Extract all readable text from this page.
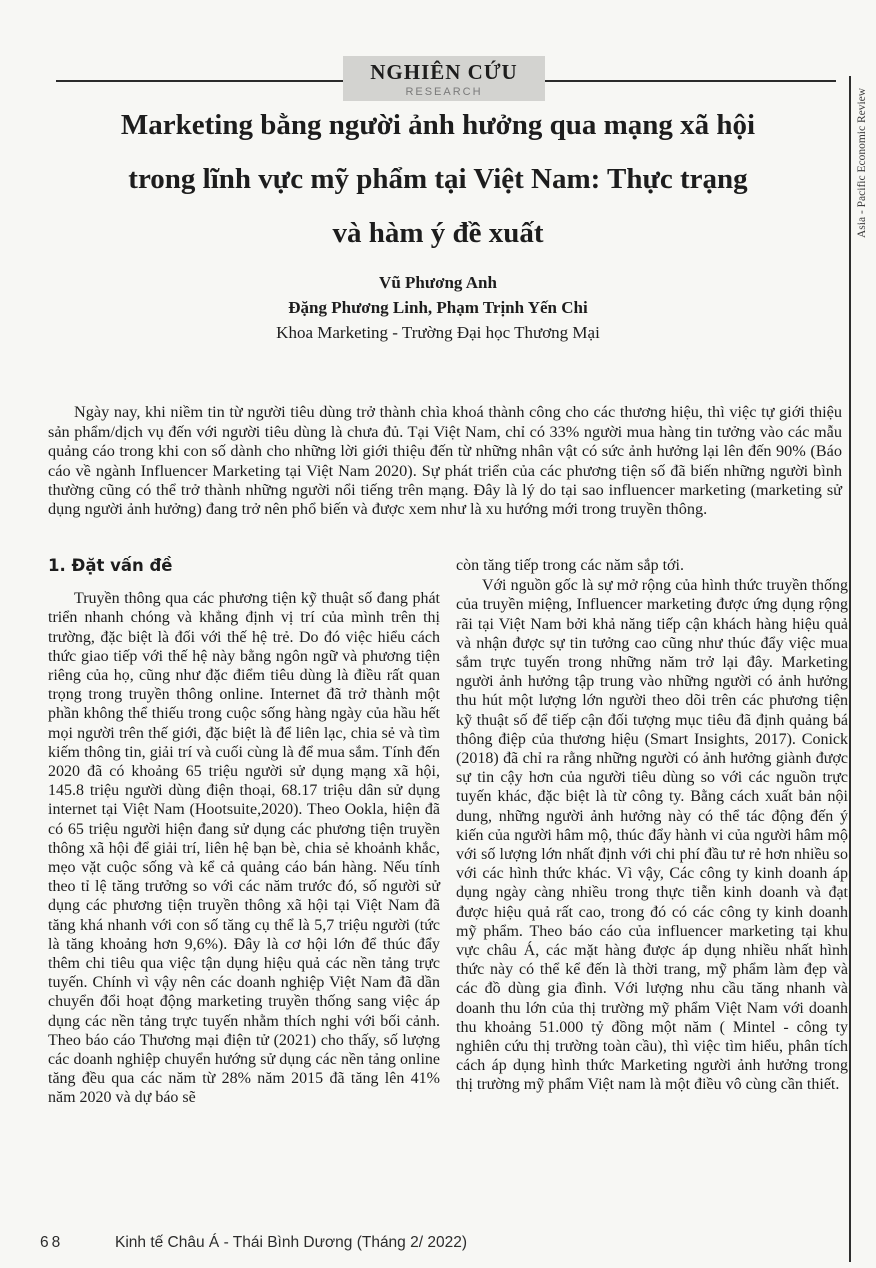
NGHIÊN CỨU
RESEARCH	Asia - Pacific Economic Review
Marketing bằng người ảnh hưởng qua mạng xã hội
trong lĩnh vực mỹ phẩm tại Việt Nam: Thực trạng
và hàm ý đề xuất
Vũ Phương Anh
Đặng Phương Linh, Phạm Trịnh Yến Chi
Khoa Marketing - Trường Đại học Thương Mại

Ngày nay, khi niềm tin từ người tiêu dùng trở thành chìa khoá thành công cho các thương hiệu, thì việc tự giới thiệu sản phẩm/dịch vụ đến với người tiêu dùng là chưa đủ. Tại Việt Nam, chỉ có 33% người mua hàng tin tưởng vào các mẫu quảng cáo trong khi con số dành cho những lời giới thiệu đến từ những nhân vật có sức ảnh hưởng lại lên đến 90% (Báo cáo về ngành Influencer Marketing tại Việt Nam 2020). Sự phát triển của các phương tiện số đã biến những người bình thường cũng có thể trở thành những người nổi tiếng trên mạng. Đây là lý do tại sao influencer marketing (marketing sử dụng người ảnh hưởng) đang trở nên phổ biến và được xem như là xu hướng mới trong truyền thông.

1. Đặt vấn đề

Truyền thông qua các phương tiện kỹ thuật số đang phát triển nhanh chóng và khẳng định vị trí của mình trên thị trường, đặc biệt là đối với thế hệ trẻ. Do đó việc hiểu cách thức giao tiếp với thế hệ này bằng ngôn ngữ và phương tiện riêng của họ, cũng như đặc điểm tiêu dùng là điều rất quan trọng trong truyền thông online. Internet đã trở thành một phần không thể thiếu trong cuộc sống hàng ngày của hầu hết mọi người trên thế giới, đặc biệt là để liên lạc, chia sẻ và tìm kiếm thông tin, giải trí và cuối cùng là để mua sắm. Tính đến 2020 đã có khoảng 65 triệu người sử dụng mạng xã hội, 145.8 triệu người dùng điện thoại, 68.17 triệu dân sử dụng internet tại Việt Nam (Hootsuite,2020). Theo Ookla, hiện đã có 65 triệu người hiện đang sử dụng các phương tiện truyền thông xã hội để giải trí, liên hệ bạn bè, chia sẻ khoảnh khắc, mẹo vặt cuộc sống và kể cả quảng cáo bán hàng. Nếu tính theo tỉ lệ tăng trưởng so với các năm trước đó, số người sử dụng các phương tiện truyền thông xã hội tại Việt Nam đã tăng khá nhanh với con số tăng cụ thể là 5,7 triệu người (tức là tăng khoảng hơn 9,6%). Đây là cơ hội lớn để thúc đẩy thêm chi tiêu qua việc tận dụng hiệu quả các nền tảng trực tuyến. Chính vì vậy nên các doanh nghiệp Việt Nam đã dần chuyển đổi hoạt động marketing truyền thống sang việc áp dụng các nền tảng trực tuyến nhằm thích nghi với bối cảnh. Theo báo cáo Thương mại điện tử (2021) cho thấy, số lượng các doanh nghiệp chuyển hướng sử dụng các nền tảng online tăng đều qua các năm từ 28% năm 2015 đã tăng lên 41% năm 2020 và dự báo sẽ

còn tăng tiếp trong các năm sắp tới.

Với nguồn gốc là sự mở rộng của hình thức truyền thống của truyền miệng, Influencer marketing được ứng dụng rộng rãi tại Việt Nam bởi khả năng tiếp cận khách hàng hiệu quả và nhận được sự tin tưởng cao cũng như thúc đẩy việc mua sắm trực tuyến trong những năm trở lại đây. Marketing người ảnh hưởng tập trung vào những người có ảnh hưởng thu hút một lượng lớn người theo dõi trên các phương tiện kỹ thuật số để tiếp cận đối tượng mục tiêu đã định quảng bá thông điệp của thương hiệu (Smart Insights, 2017). Conick (2018) đã chỉ ra rằng những người có ảnh hưởng giành được sự tin cậy hơn của người tiêu dùng so với các nguồn trực tuyến khác, đặc biệt là từ công ty. Bằng cách xuất bản nội dung, những người ảnh hưởng này có thể tác động đến ý kiến của người hâm mộ, thúc đẩy hành vi của người hâm mộ với số lượng lớn nhất định với chi phí đầu tư rẻ hơn nhiều so với các hình thức khác. Vì vậy, Các công ty kinh doanh áp dụng ngày càng nhiều trong thực tiễn kinh doanh và đạt được hiệu quả rất cao, trong đó có các công ty kinh doanh mỹ phẩm. Theo báo cáo của influencer marketing tại khu vực châu Á, các mặt hàng được áp dụng nhiều nhất hình thức này có thể kể đến là thời trang, mỹ phẩm làm đẹp và các đồ dùng gia đình. Với lượng nhu cầu tăng nhanh và doanh thu lớn của thị trường mỹ phẩm Việt Nam với doanh thu khoảng 51.000 tỷ đồng một năm ( Mintel - công ty nghiên cứu thị trường toàn cầu), thì việc tìm hiểu, phân tích cách áp dụng hình thức Marketing người ảnh hưởng trong thị trường mỹ phẩm Việt nam là một điều vô cùng cần thiết.

68	Kinh tế Châu Á - Thái Bình Dương (Tháng 2/ 2022)
